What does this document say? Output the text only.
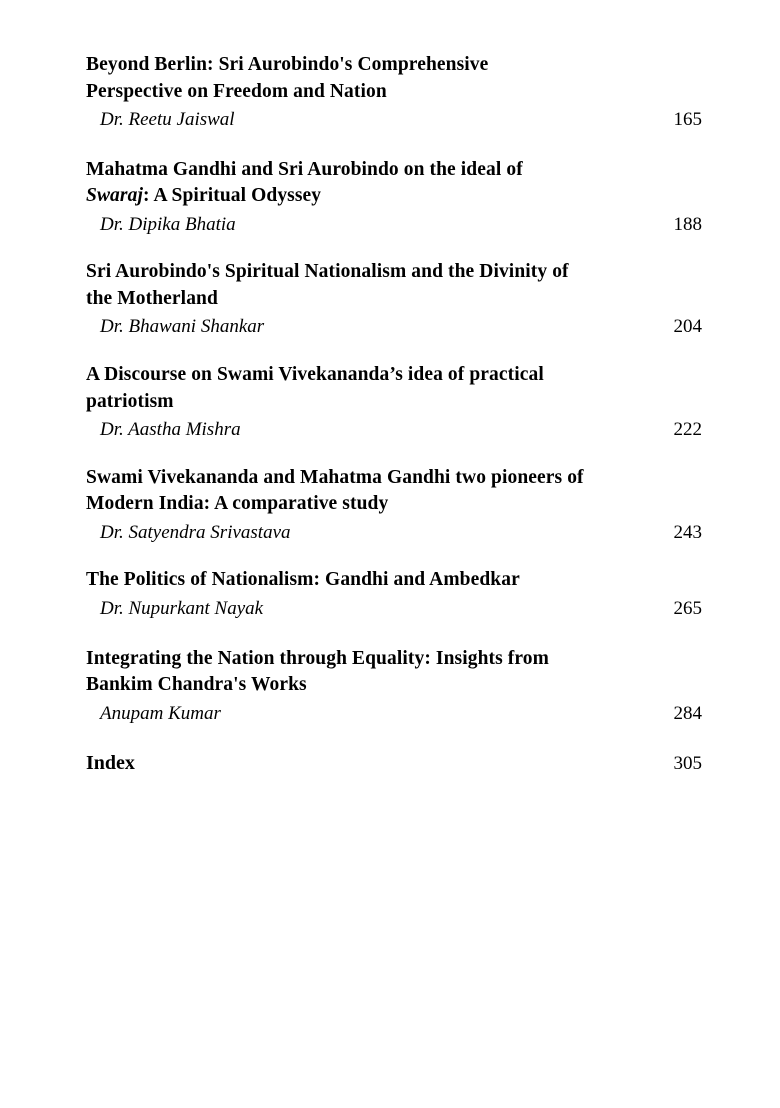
Beyond Berlin: Sri Aurobindo's Comprehensive
Perspective on Freedom and Nation
Dr. Reetu Jaiswal	165
Mahatma Gandhi and Sri Aurobindo on the ideal of
Swaraj: A Spiritual Odyssey
Dr. Dipika Bhatia	188
Sri Aurobindo's Spiritual Nationalism and the Divinity of
the Motherland
Dr. Bhawani Shankar	204
A Discourse on Swami Vivekananda’s idea of practical
patriotism
Dr. Aastha Mishra	222
Swami Vivekananda and Mahatma Gandhi two pioneers of
Modern India: A comparative study
Dr. Satyendra Srivastava	243
The Politics of Nationalism: Gandhi and Ambedkar
Dr. Nupurkant Nayak	265
Integrating the Nation through Equality: Insights from
Bankim Chandra's Works
Anupam Kumar	284
Index	305
